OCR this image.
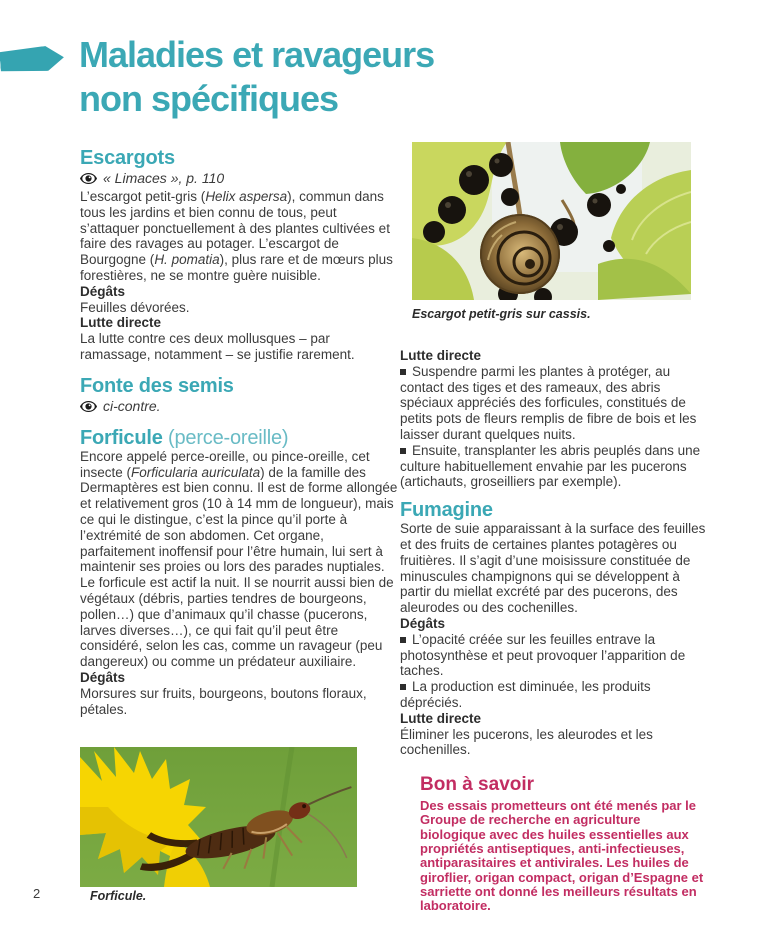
Maladies et ravageurs
non spécifiques
Escargots
« Limaces », p. 110

L’escargot petit-gris (Helix aspersa), commun dans tous les jardins et bien connu de tous, peut s’attaquer ponctuellement à des plantes cultivées et faire des ravages au potager. L’escargot de Bourgogne (H. pomatia), plus rare et de mœurs plus forestières, ne se montre guère nuisible.

Dégâts

Feuilles dévorées.

Lutte directe

La lutte contre ces deux mollusques – par ramassage, notamment – se justifie rarement.

Fonte des semis
ci-contre.
Forficule (perce-oreille)

Encore appelé perce-oreille, ou pince-oreille, cet insecte (Forficularia auriculata) de la famille des Dermaptères est bien connu. Il est de forme allongée et relativement gros (10 à 14 mm de longueur), mais ce qui le distingue, c’est la pince qu’il porte à l’extrémité de son abdomen. Cet organe, parfaitement inoffensif pour l’être humain, lui sert à maintenir ses proies ou lors des parades nuptiales.

Le forficule est actif la nuit. Il se nourrit aussi bien de végétaux (débris, parties tendres de bourgeons, pollen…) que d’animaux qu’il chasse (pucerons, larves diverses…), ce qui fait qu’il peut être considéré, selon les cas, comme un ravageur (peu dangereux) ou comme un prédateur auxiliaire.

Dégâts

Morsures sur fruits, bourgeons, boutons floraux, pétales.

Lutte directe

Suspendre parmi les plantes à protéger, au contact des tiges et des rameaux, des abris spéciaux appréciés des forficules, constitués de petits pots de fleurs remplis de fibre de bois et les laisser durant quelques nuits.

Ensuite, transplanter les abris peuplés dans une culture habituellement envahie par les pucerons (artichauts, groseilliers par exemple).

Fumagine

Sorte de suie apparaissant à la surface des feuilles et des fruits de certaines plantes potagères ou fruitières. Il s’agit d’une moisissure constituée de minuscules champignons qui se développent à partir du miellat excrété par des pucerons, des aleurodes ou des cochenilles.

Dégâts

L’opacité créée sur les feuilles entrave la photosynthèse et peut provoquer l’apparition de taches.

La production est diminuée, les produits dépréciés.

Lutte directe

Éliminer les pucerons, les aleurodes et les cochenilles.

Bon à savoir

Des essais prometteurs ont été menés par le Groupe de recherche en agriculture biologique avec des huiles essentielles aux propriétés antiseptiques, anti-infectieuses, antiparasitaires et antivirales. Les huiles de giroflier, origan compact, origan d’Espagne et sarriette ont donné les meilleurs résultats en laboratoire.

Escargot petit-gris sur cassis.
Forficule.
2
